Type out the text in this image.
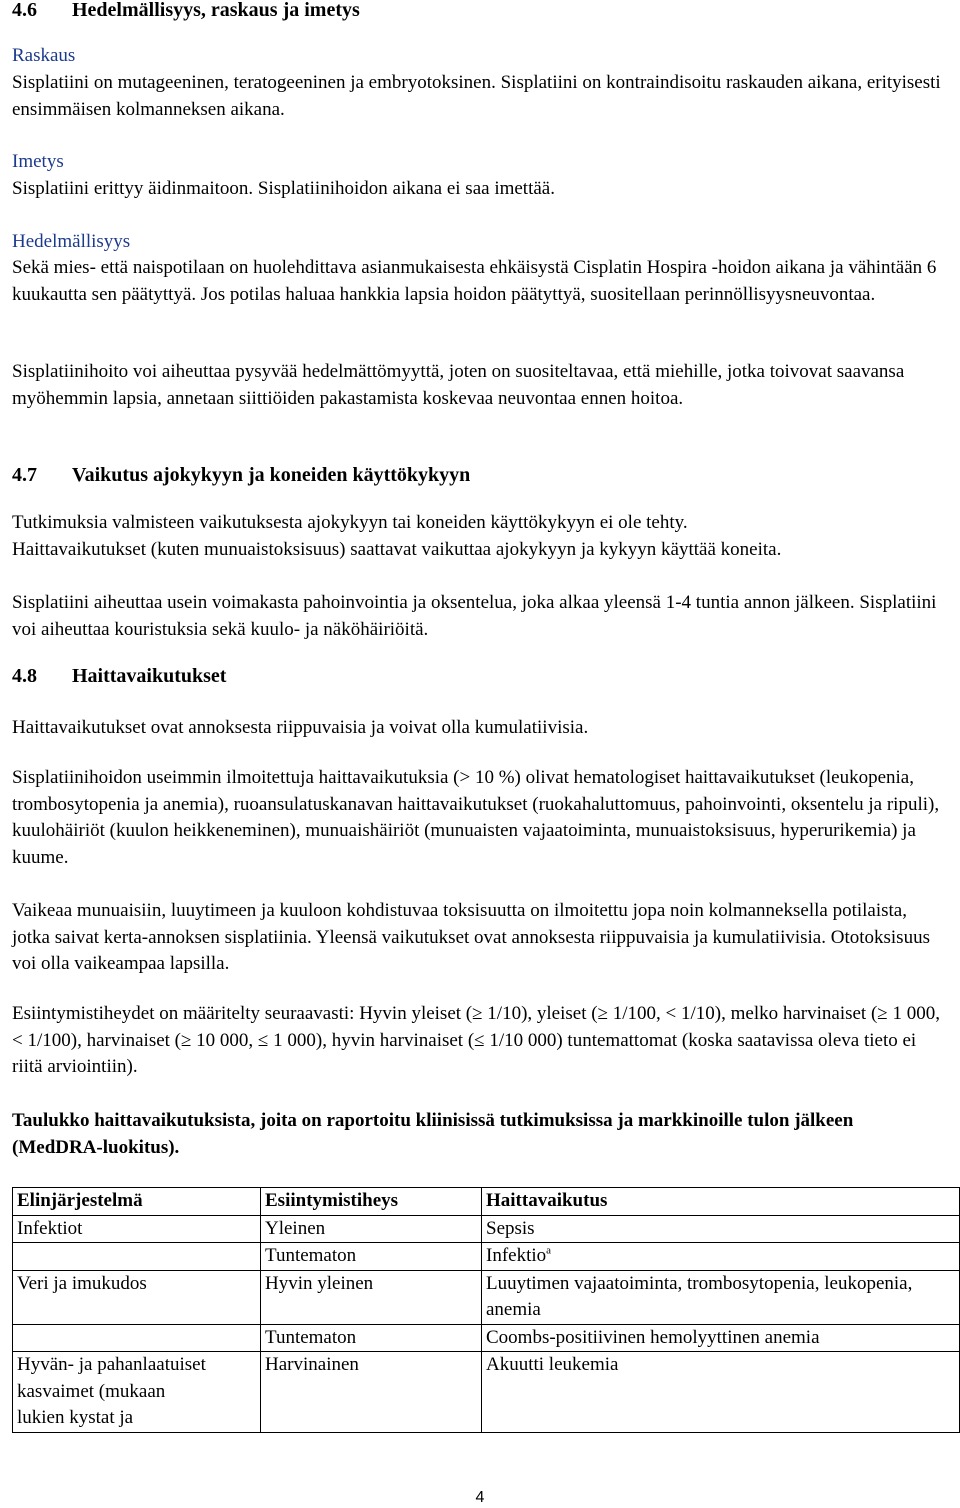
4.6 Hedelmällisyys, raskaus ja imetys
Raskaus

Sisplatiini on mutageeninen, teratogeeninen ja embryotoksinen. Sisplatiini on kontraindisoitu raskauden aikana, erityisesti ensimmäisen kolmanneksen aikana.

Imetys

Sisplatiini erittyy äidinmaitoon. Sisplatiinihoidon aikana ei saa imettää.

Hedelmällisyys

Sekä mies- että naispotilaan on huolehdittava asianmukaisesta ehkäisystä Cisplatin Hospira -hoidon aikana ja vähintään 6 kuukautta sen päätyttyä. Jos potilas haluaa hankkia lapsia hoidon päätyttyä, suositellaan perinnöllisyysneuvontaa.

Sisplatiinihoito voi aiheuttaa pysyvää hedelmättömyyttä, joten on suositeltavaa, että miehille, jotka toivovat saavansa myöhemmin lapsia, annetaan siittiöiden pakastamista koskevaa neuvontaa ennen hoitoa.

4.7 Vaikutus ajokykyyn ja koneiden käyttökykyyn

Tutkimuksia valmisteen vaikutuksesta ajokykyyn tai koneiden käyttökykyyn ei ole tehty.

Haittavaikutukset (kuten munuaistoksisuus) saattavat vaikuttaa ajokykyyn ja kykyyn käyttää koneita.

Sisplatiini aiheuttaa usein voimakasta pahoinvointia ja oksentelua, joka alkaa yleensä 1-4 tuntia annon jälkeen. Sisplatiini voi aiheuttaa kouristuksia sekä kuulo- ja näköhäiriöitä.

4.8 Haittavaikutukset

Haittavaikutukset ovat annoksesta riippuvaisia ja voivat olla kumulatiivisia.

Sisplatiinihoidon useimmin ilmoitettuja haittavaikutuksia (> 10 %) olivat hematologiset haittavaikutukset (leukopenia, trombosytopenia ja anemia), ruoansulatuskanavan haittavaikutukset (ruokahaluttomuus, pahoinvointi, oksentelu ja ripuli), kuulohäiriöt (kuulon heikkeneminen), munuaishäiriöt (munuaisten vajaatoiminta, munuaistoksisuus, hyperurikemia) ja kuume.

Vaikeaa munuaisiin, luuytimeen ja kuuloon kohdistuvaa toksisuutta on ilmoitettu jopa noin kolmanneksella potilaista, jotka saivat kerta-annoksen sisplatiinia. Yleensä vaikutukset ovat annoksesta riippuvaisia ja kumulatiivisia. Ototoksisuus voi olla vaikeampaa lapsilla.

Esiintymistiheydet on määritelty seuraavasti: Hyvin yleiset (≥ 1/10), yleiset (≥ 1/100, < 1/10), melko harvinaiset (≥ 1 000, < 1/100), harvinaiset (≥ 10 000, ≤ 1 000), hyvin harvinaiset (≤ 1/10 000) tuntemattomat (koska saatavissa oleva tieto ei riitä arviointiin).

Taulukko haittavaikutuksista, joita on raportoitu kliinisissä tutkimuksissa ja markkinoille tulon jälkeen (MedDRA-luokitus).

Elinjärjestelmä	Esiintymistiheys	Haittavaikutus
Infektiot	Yleinen	Sepsis
	Tuntematon	Infektio$^a$
Veri ja imukudos	Hyvin yleinen	Luuytimen vajaatoiminta, trombosytopenia, leukopenia, anemia
	Tuntematon	Coombs-positiivinen hemolyyttinen anemia
Hyvän- ja pahanlaatuiset kasvaimet (mukaan lukien kystat ja	Harvinainen	Akuutti leukemia
4
